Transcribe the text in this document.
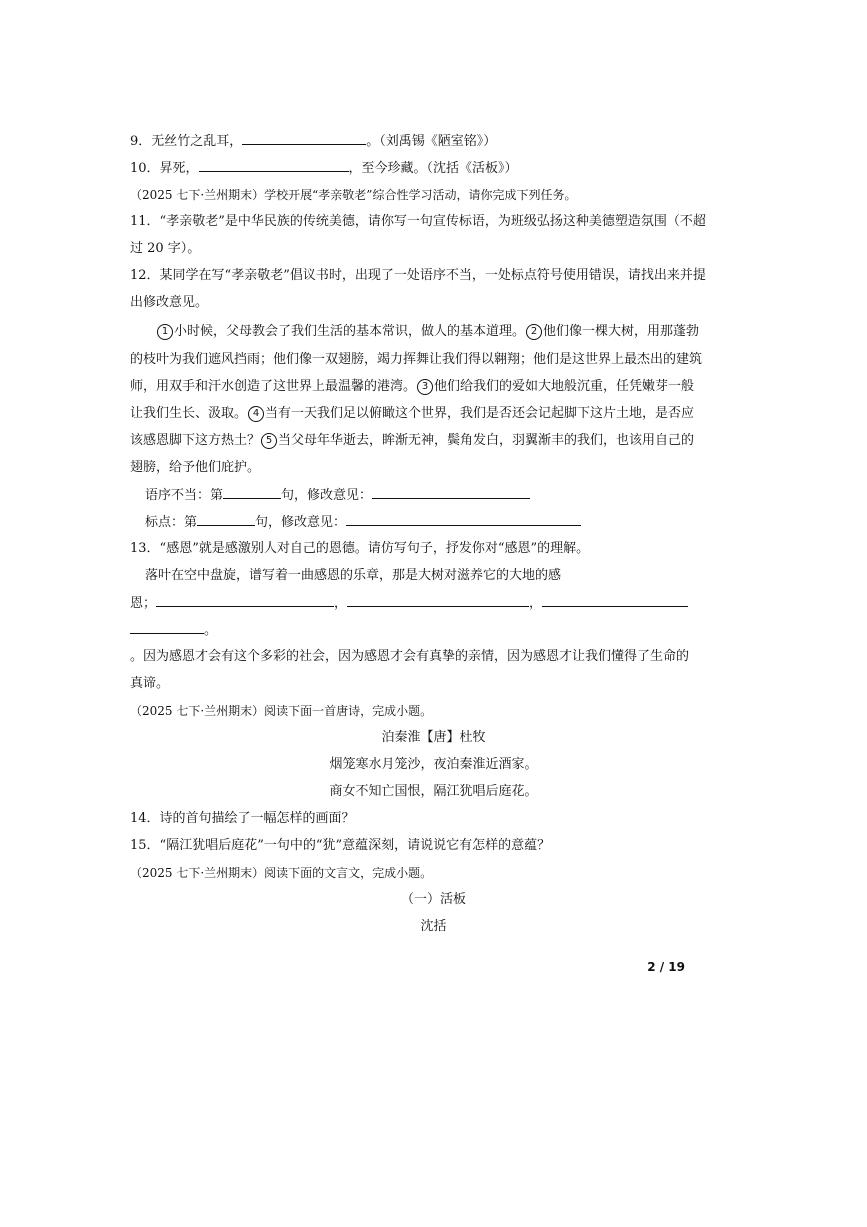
9．无丝竹之乱耳，	。（刘禹锡《陋室铭》）
10．昇死，	，至今珍藏。（沈括《活板》）
（2025 七下·兰州期末）学校开展“孝亲敬老”综合性学习活动，请你完成下列任务。
11．“孝亲敬老”是中华民族的传统美德，请你写一句宣传标语，为班级弘扬这种美德塑造氛围（不超
过 20 字）。
12．某同学在写“孝亲敬老”倡议书时，出现了一处语序不当，一处标点符号使用错误，请找出来并提
出修改意见。
1 小时候，父母教会了我们生活的基本常识，做人的基本道理。 2 他们像一棵大树，用那蓬勃
的枝叶为我们遮风挡雨；他们像一双翅膀，竭力挥舞让我们得以翱翔；他们是这世界上最杰出的建筑
师，用双手和汗水创造了这世界上最温馨的港湾。 3 他们给我们的爱如大地般沉重，任凭嫩芽一般
让我们生长、汲取。 4 当有一天我们足以俯瞰这个世界，我们是否还会记起脚下这片土地，是否应
该感恩脚下这方热土？ 5 当父母年华逝去，眸渐无神，鬓角发白，羽翼渐丰的我们，也该用自己的
翅膀，给予他们庇护。
语序不当：第	句，修改意见：
标点：第	句，修改意见：
13．“感恩”就是感激别人对自己的恩德。请仿写句子，抒发你对“感恩”的理解。
落叶在空中盘旋，谱写着一曲感恩的乐章，那是大树对滋养它的大地的感
恩；	，	，
。
。因为感恩才会有这个多彩的社会，因为感恩才会有真挚的亲情，因为感恩才让我们懂得了生命的
真谛。
（2025 七下·兰州期末）阅读下面一首唐诗，完成小题。
泊秦淮【唐】杜牧
烟笼寒水月笼沙，夜泊秦淮近酒家。
商女不知亡国恨，隔江犹唱后庭花。
14．诗的首句描绘了一幅怎样的画面？
15．“隔江犹唱后庭花”一句中的“犹”意蕴深刻，请说说它有怎样的意蕴？
（2025 七下·兰州期末）阅读下面的文言文，完成小题。
（一）活板
沈括
2 / 19
